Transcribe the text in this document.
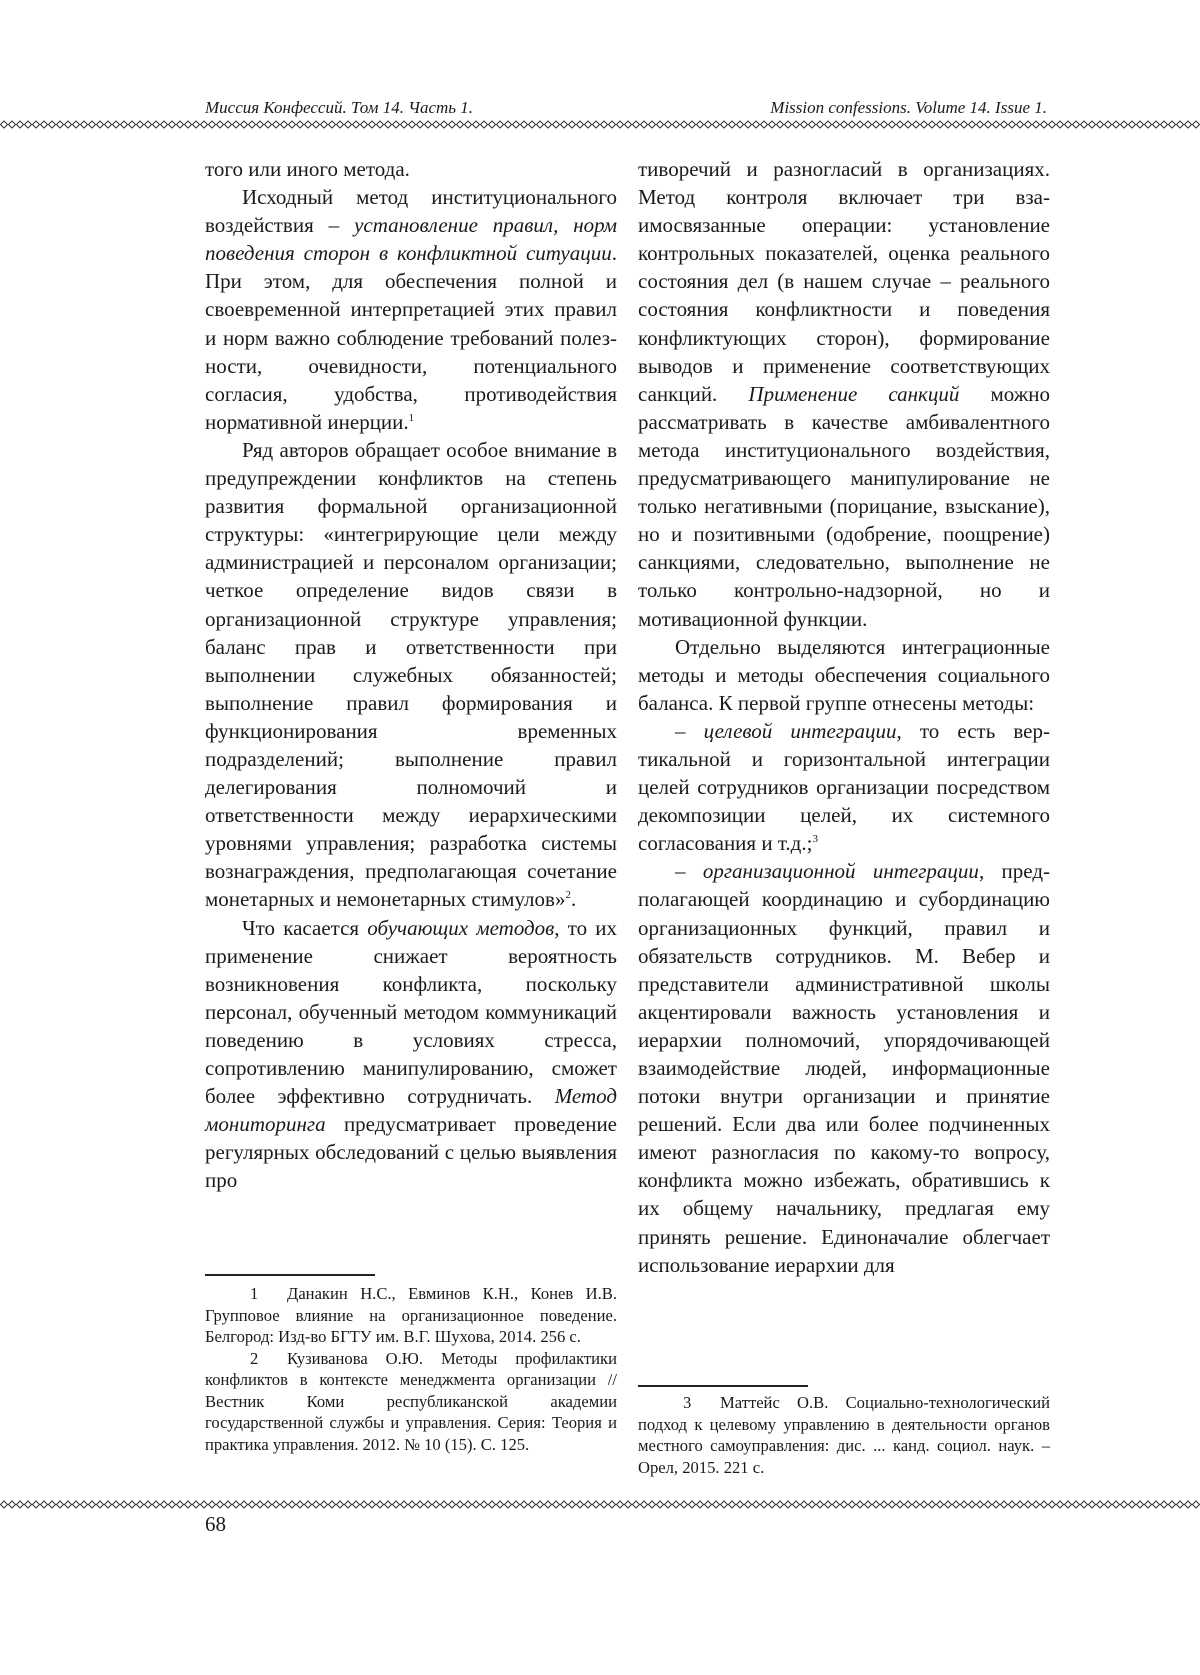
Миссия Конфессий. Том 14. Часть 1.	Mission confessions. Volume 14. Issue 1.

того или иного метода.

Исходный метод институционального воздействия – установление правил, норм поведения сторон в конфликтной ситуации. При этом, для обеспечения полной и своевременной интерпретацией этих правил и норм важно соблюдение требований полезности, очевидности, потенциального согласия, удобства, противодействия нормативной инерции.$^1$

Ряд авторов обращает особое внимание в предупреждении конфликтов на степень развития формальной организационной структуры: «интегрирующие цели между администрацией и персоналом организации; четкое определение видов связи в организационной структуре управления; баланс прав и ответственности при выполнении служебных обязанностей; выполнение правил формирования и функционирования временных подразделений; выполнение правил делегирования полномочий и ответственности между иерархическими уровнями управления; разработка системы вознаграждения, предполагающая сочетание монетарных и немонетарных стимулов»$^2$.

Что касается обучающих методов, то их применение снижает вероятность возникновения конфликта, поскольку персонал, обученный методом коммуникаций поведению в условиях стресса, сопротивлению манипулированию, сможет более эффективно сотрудничать. Метод мониторинга предусматривает проведение регулярных обследований с целью выявления про

тиворечий и разногласий в организациях. Метод контроля включает три взаимосвязанные операции: установление контрольных показателей, оценка реального состояния дел (в нашем случае – реального состояния конфликтности и поведения конфликтующих сторон), формирование выводов и применение соответствующих санкций. Применение санкций можно рассматривать в качестве амбивалентного метода институционального воздействия, предусматривающего манипулирование не только негативными (порицание, взыскание), но и позитивными (одобрение, поощрение) санкциями, следовательно, выполнение не только контрольно-надзорной, но и мотивационной функции.

Отдельно выделяются интеграционные методы и методы обеспечения социального баланса. К первой группе отнесены методы:

– целевой интеграции, то есть вертикальной и горизонтальной интеграции целей сотрудников организации посредством декомпозиции целей, их системного согласования и т.д.;$^3$

– организационной интеграции, предполагающей координацию и субординацию организационных функций, правил и обязательств сотрудников. М. Вебер и представители административной школы акцентировали важность установления и иерархии полномочий, упорядочивающей взаимодействие людей, информационные потоки внутри организации и принятие решений. Если два или более подчиненных имеют разногласия по какому-то вопросу, конфликта можно избежать, обратившись к их общему начальнику, предлагая ему принять решение. Единоначалие облегчает использование иерархии для

1 Данакин Н.С., Евминов К.Н., Конев И.В. Групповое влияние на организационное поведение. Белгород: Изд-во БГТУ им. В.Г. Шухова, 2014. 256 с.

2 Кузиванова О.Ю. Методы профилактики конфликтов в контексте менеджмента организации // Вестник Коми республиканской академии государственной службы и управления. Серия: Теория и практика управления. 2012. № 10 (15). С. 125.

3 Маттейс О.В. Социально-технологический подход к целевому управлению в деятельности органов местного самоуправления: дис. ... канд. социол. наук. – Орел, 2015. 221 с.

68
